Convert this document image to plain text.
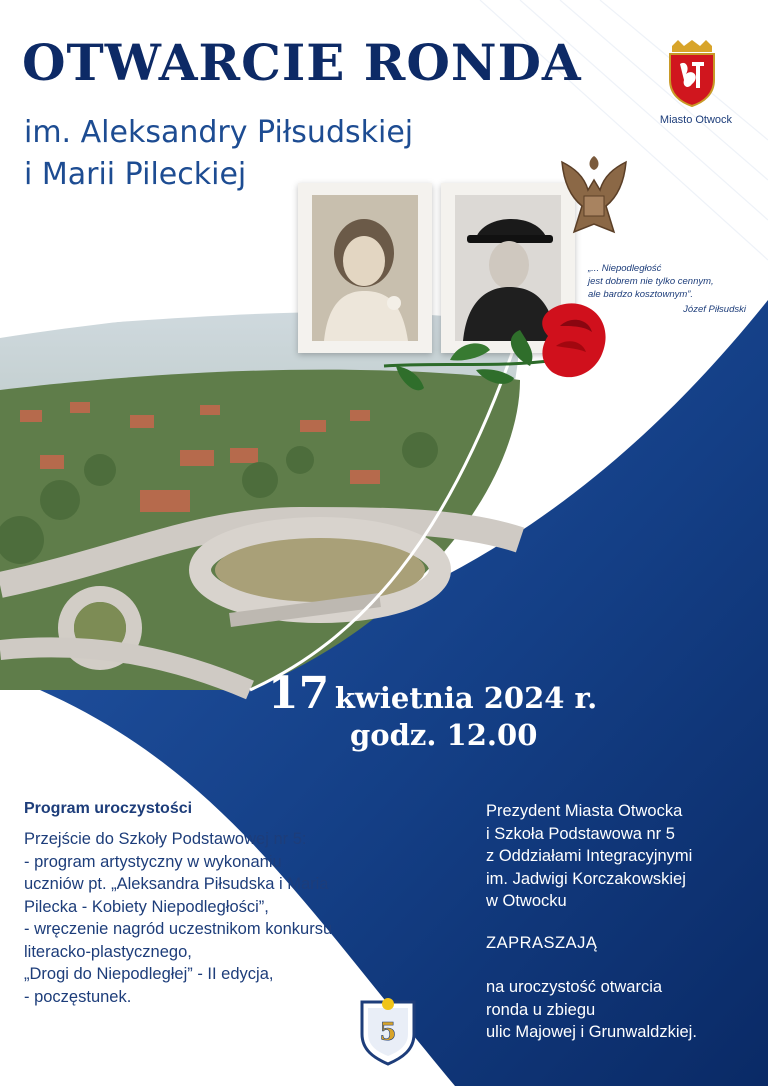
OTWARCIE RONDA
im. Aleksandry Piłsudskiej
i Marii Pileckiej
Miasto Otwock
„... Niepodległość
jest dobrem nie tylko cennym,
ale bardzo kosztownym”.
Józef Piłsudski
17 kwietnia 2024 r.
godz. 12.00
Program uroczystości
Przejście do Szkoły Podstawowej nr 5:
- program artystyczny w wykonaniu
uczniów pt. „Aleksandra Piłsudska i Maria
Pilecka - Kobiety Niepodległości”,
- wręczenie nagród uczestnikom konkursu
literacko-plastycznego,
„Drogi do Niepodległej” - II edycja,
- poczęstunek.
Prezydent Miasta Otwocka
i Szkoła Podstawowa nr 5
z Oddziałami Integracyjnymi
im. Jadwigi Korczakowskiej
w Otwocku
ZAPRASZAJĄ
na uroczystość otwarcia
ronda u zbiegu
ulic Majowej i Grunwaldzkiej.
5
